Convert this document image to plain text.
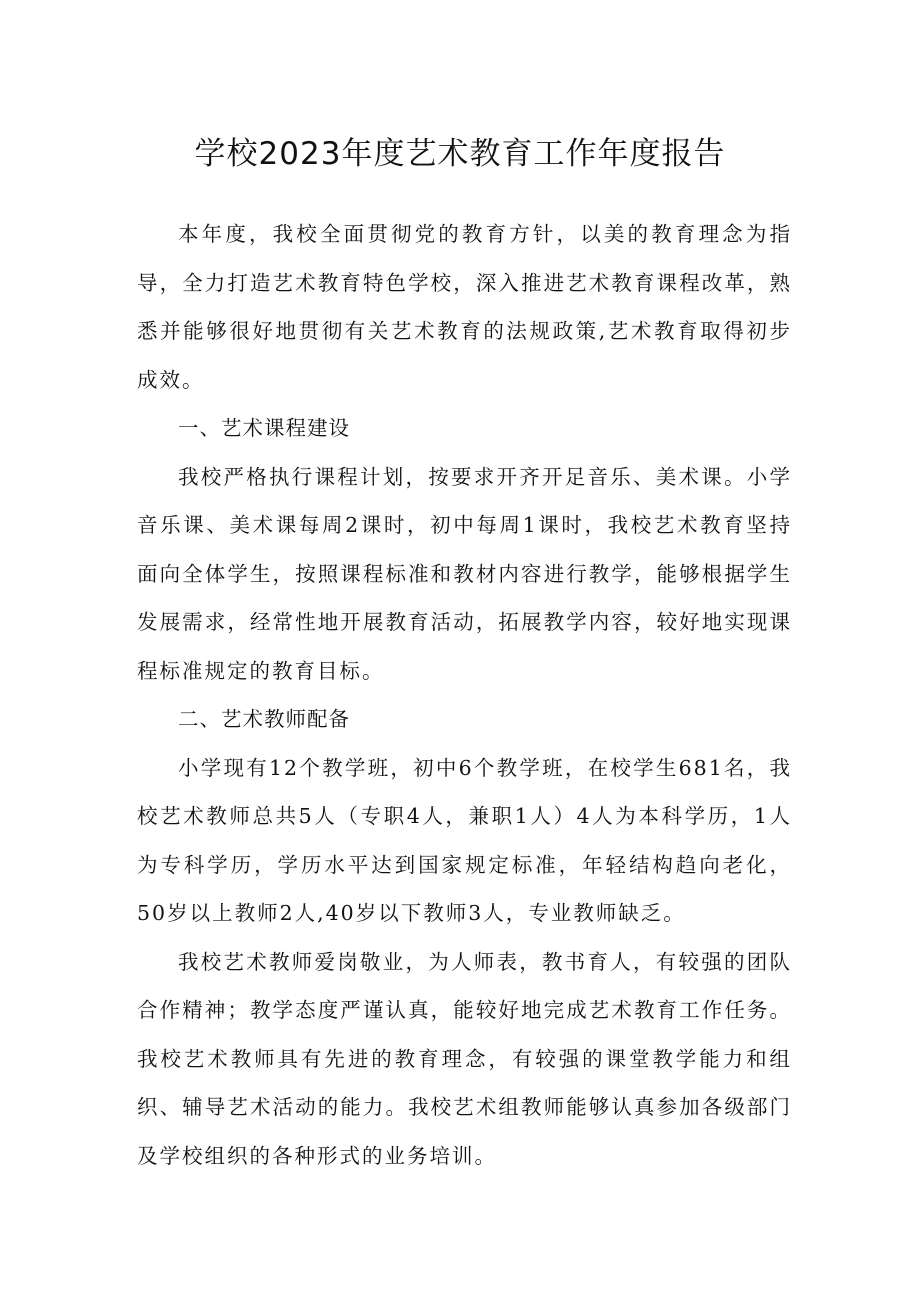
学校2023年度艺术教育工作年度报告

本年度，我校全面贯彻党的教育方针，以美的教育理念为指导，全力打造艺术教育特色学校，深入推进艺术教育课程改革，熟悉并能够很好地贯彻有关艺术教育的法规政策,艺术教育取得初步成效。

一、艺术课程建设

我校严格执行课程计划，按要求开齐开足音乐、美术课。小学音乐课、美术课每周2课时，初中每周1课时，我校艺术教育坚持面向全体学生，按照课程标准和教材内容进行教学，能够根据学生发展需求，经常性地开展教育活动，拓展教学内容，较好地实现课程标准规定的教育目标。

二、艺术教师配备

小学现有12个教学班，初中6个教学班，在校学生681名，我校艺术教师总共5人（专职4人，兼职1人）4人为本科学历，1人为专科学历，学历水平达到国家规定标准，年轻结构趋向老化，50岁以上教师2人,40岁以下教师3人，专业教师缺乏。

我校艺术教师爱岗敬业，为人师表，教书育人，有较强的团队合作精神；教学态度严谨认真，能较好地完成艺术教育工作任务。我校艺术教师具有先进的教育理念，有较强的课堂教学能力和组织、辅导艺术活动的能力。我校艺术组教师能够认真参加各级部门及学校组织的各种形式的业务培训。
